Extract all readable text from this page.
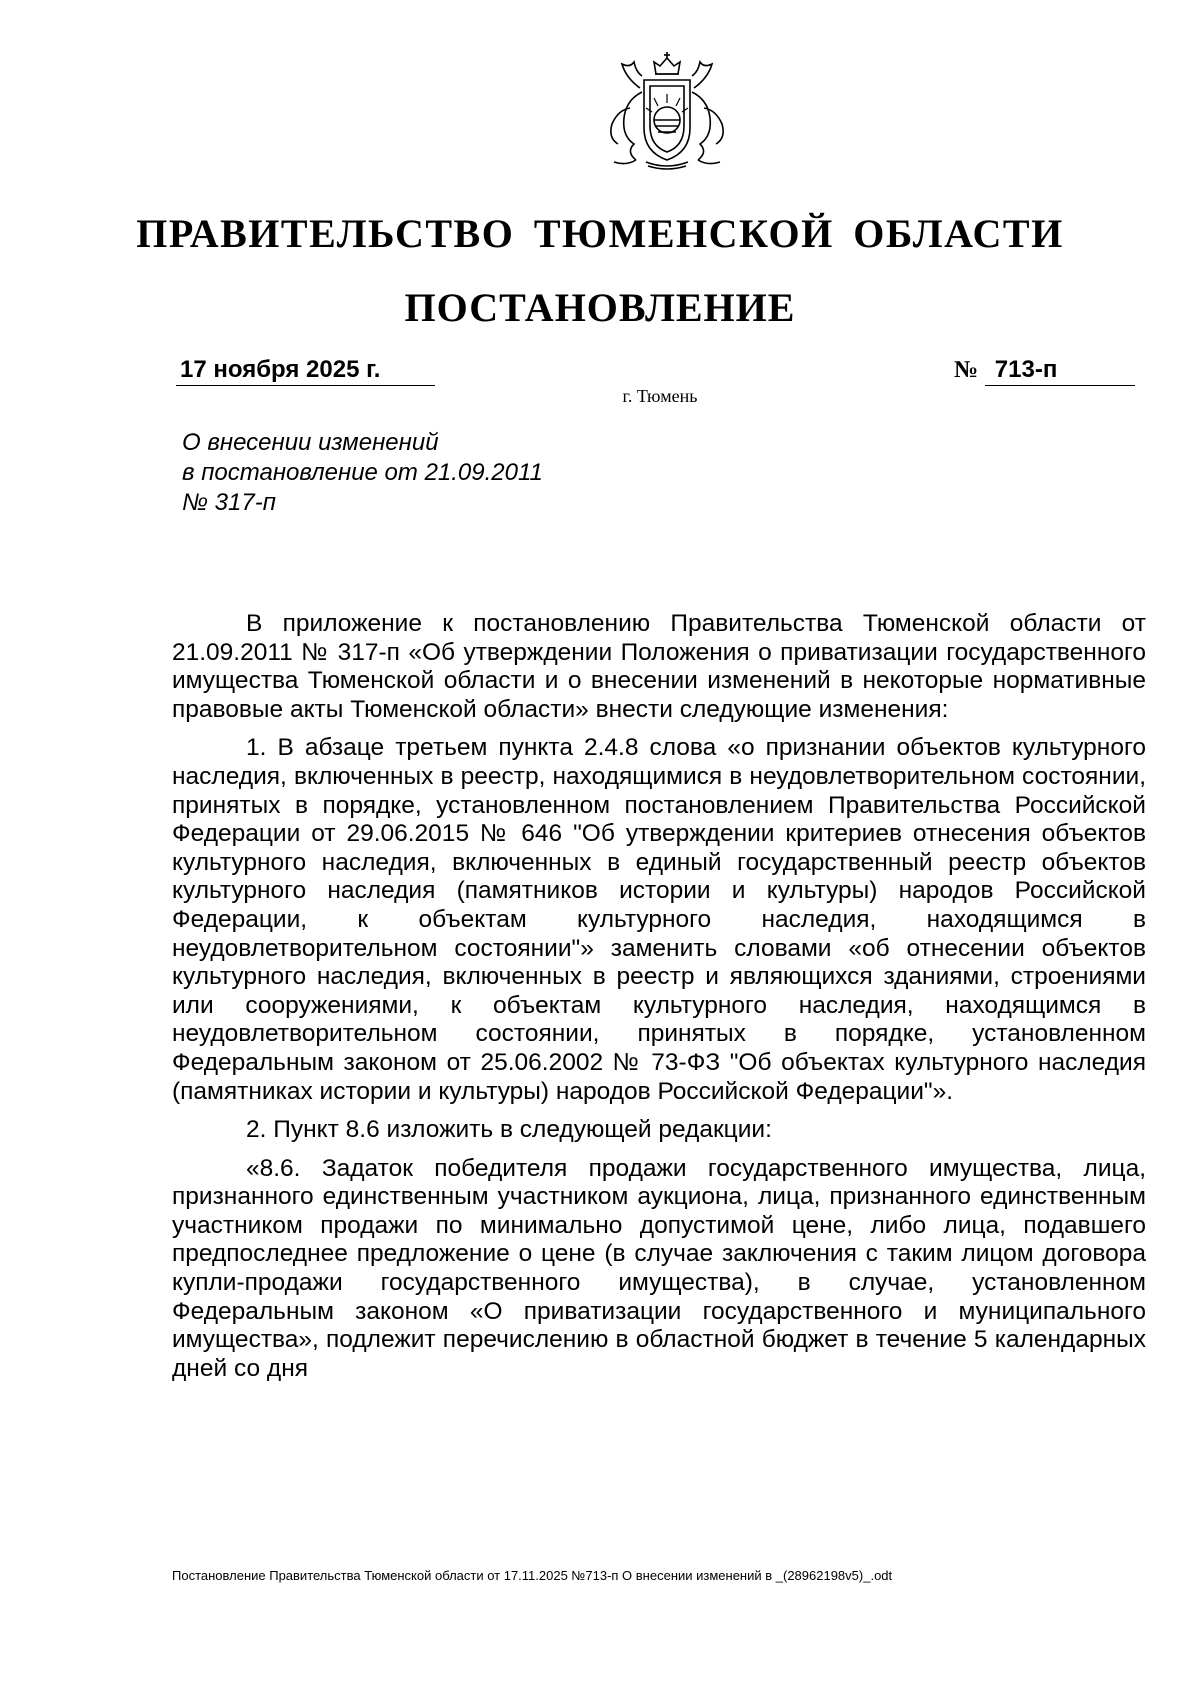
ПРАВИТЕЛЬСТВО ТЮМЕНСКОЙ ОБЛАСТИ
ПОСТАНОВЛЕНИЕ
17 ноября 2025 г.	№ 713-п
г. Тюмень
О внесении изменений
в постановление от 21.09.2011
№ 317-п

В приложение к постановлению Правительства Тюменской области от 21.09.2011 № 317-п «Об утверждении Положения о приватизации государственного имущества Тюменской области и о внесении изменений в некоторые нормативные правовые акты Тюменской области» внести следующие изменения:

1. В абзаце третьем пункта 2.4.8 слова «о признании объектов культурного наследия, включенных в реестр, находящимися в неудовлетворительном состоянии, принятых в порядке, установленном постановлением Правительства Российской Федерации от 29.06.2015 № 646 "Об утверждении критериев отнесения объектов культурного наследия, включенных в единый государственный реестр объектов культурного наследия (памятников истории и культуры) народов Российской Федерации, к объектам культурного наследия, находящимся в неудовлетворительном состоянии"» заменить словами «об отнесении объектов культурного наследия, включенных в реестр и являющихся зданиями, строениями или сооружениями, к объектам культурного наследия, находящимся в неудовлетворительном состоянии, принятых в порядке, установленном Федеральным законом от 25.06.2002 № 73-ФЗ "Об объектах культурного наследия (памятниках истории и культуры) народов Российской Федерации"».

2. Пункт 8.6 изложить в следующей редакции:

«8.6. Задаток победителя продажи государственного имущества, лица, признанного единственным участником аукциона, лица, признанного единственным участником продажи по минимально допустимой цене, либо лица, подавшего предпоследнее предложение о цене (в случае заключения с таким лицом договора купли-продажи государственного имущества), в случае, установленном Федеральным законом «О приватизации государственного и муниципального имущества», подлежит перечислению в областной бюджет в течение 5 календарных дней со дня

Постановление Правительства Тюменской области от 17.11.2025 №713-п О внесении изменений в _(28962198v5)_.odt
